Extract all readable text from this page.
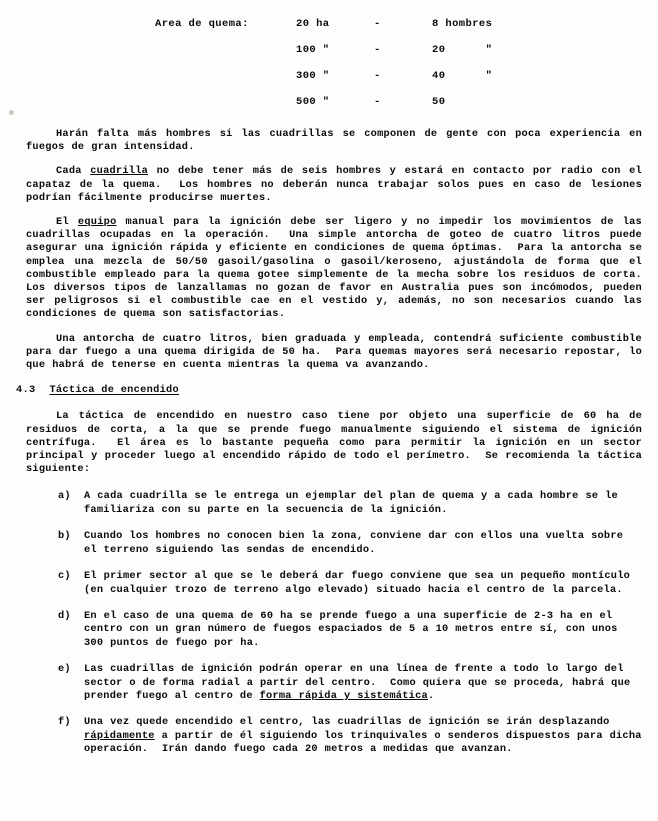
Area de quema:	20 ha	-	8 hombres
100 "	-	20      "
300 "	-	40      "
500 "	-	50

Harán falta más hombres si las cuadrillas se componen de gente con poca experiencia en fuegos de gran intensidad.

Cada cuadrilla no debe tener más de seis hombres y estará en contacto por radio con el capataz de la quema.  Los hombres no deberán nunca trabajar solos pues en caso de lesiones podrían fácilmente producirse muertes.

El equipo manual para la ignición debe ser ligero y no impedir los movimientos de las cuadrillas ocupadas en la operación.  Una simple antorcha de goteo de cuatro litros puede asegurar una ignición rápida y eficiente en condiciones de quema óptimas.  Para la antorcha se emplea una mezcla de 50/50 gasoil/gasolina o gasoil/keroseno, ajustándola de forma que el combustible empleado para la quema gotee simplemente de la mecha sobre los residuos de corta.  Los diversos tipos de lanzallamas no gozan de favor en Australia pues son incómodos, pueden ser peligrosos si el combustible cae en el vestido y, además, no son necesarios cuando las condiciones de quema son satisfactorias.

Una antorcha de cuatro litros, bien graduada y empleada, contendrá suficiente combustible para dar fuego a una quema dirigida de 50 ha.  Para quemas mayores será necesario repostar, lo que habrá de tenerse en cuenta mientras la quema va avanzando.

4.3 Táctica de encendido

La táctica de encendido en nuestro caso tiene por objeto una superficie de 60 ha de residuos de corta, a la que se prende fuego manualmente siguiendo el sistema de ignición centrífuga.  El área es lo bastante pequeña como para permitir la ignición en un sector principal y proceder luego al encendido rápido de todo el perímetro.  Se recomienda la táctica siguiente:

a)	A cada cuadrilla se le entrega un ejemplar del plan de quema y a cada hombre se le familiariza con su parte en la secuencia de la ignición.
b)	Cuando los hombres no conocen bien la zona, conviene dar con ellos una vuelta sobre el terreno siguiendo las sendas de encendido.
c)	El primer sector al que se le deberá dar fuego conviene que sea un pequeño montículo (en cualquier trozo de terreno algo elevado) situado hacia el centro de la parcela.
d)	En el caso de una quema de 60 ha se prende fuego a una superficie de 2-3 ha en el centro con un gran número de fuegos espaciados de 5 a 10 metros entre sí, con unos 300 puntos de fuego por ha.
e)	Las cuadrillas de ignición podrán operar en una línea de frente a todo lo largo del sector o de forma radial a partir del centro.  Como quiera que se proceda, habrá que prender fuego al centro de forma rápida y sistemática.
f)	Una vez quede encendido el centro, las cuadrillas de ignición se irán desplazando rápidamente a partir de él siguiendo los trinquivales o senderos dispuestos para dicha operación.  Irán dando fuego cada 20 metros a medidas que avanzan.
